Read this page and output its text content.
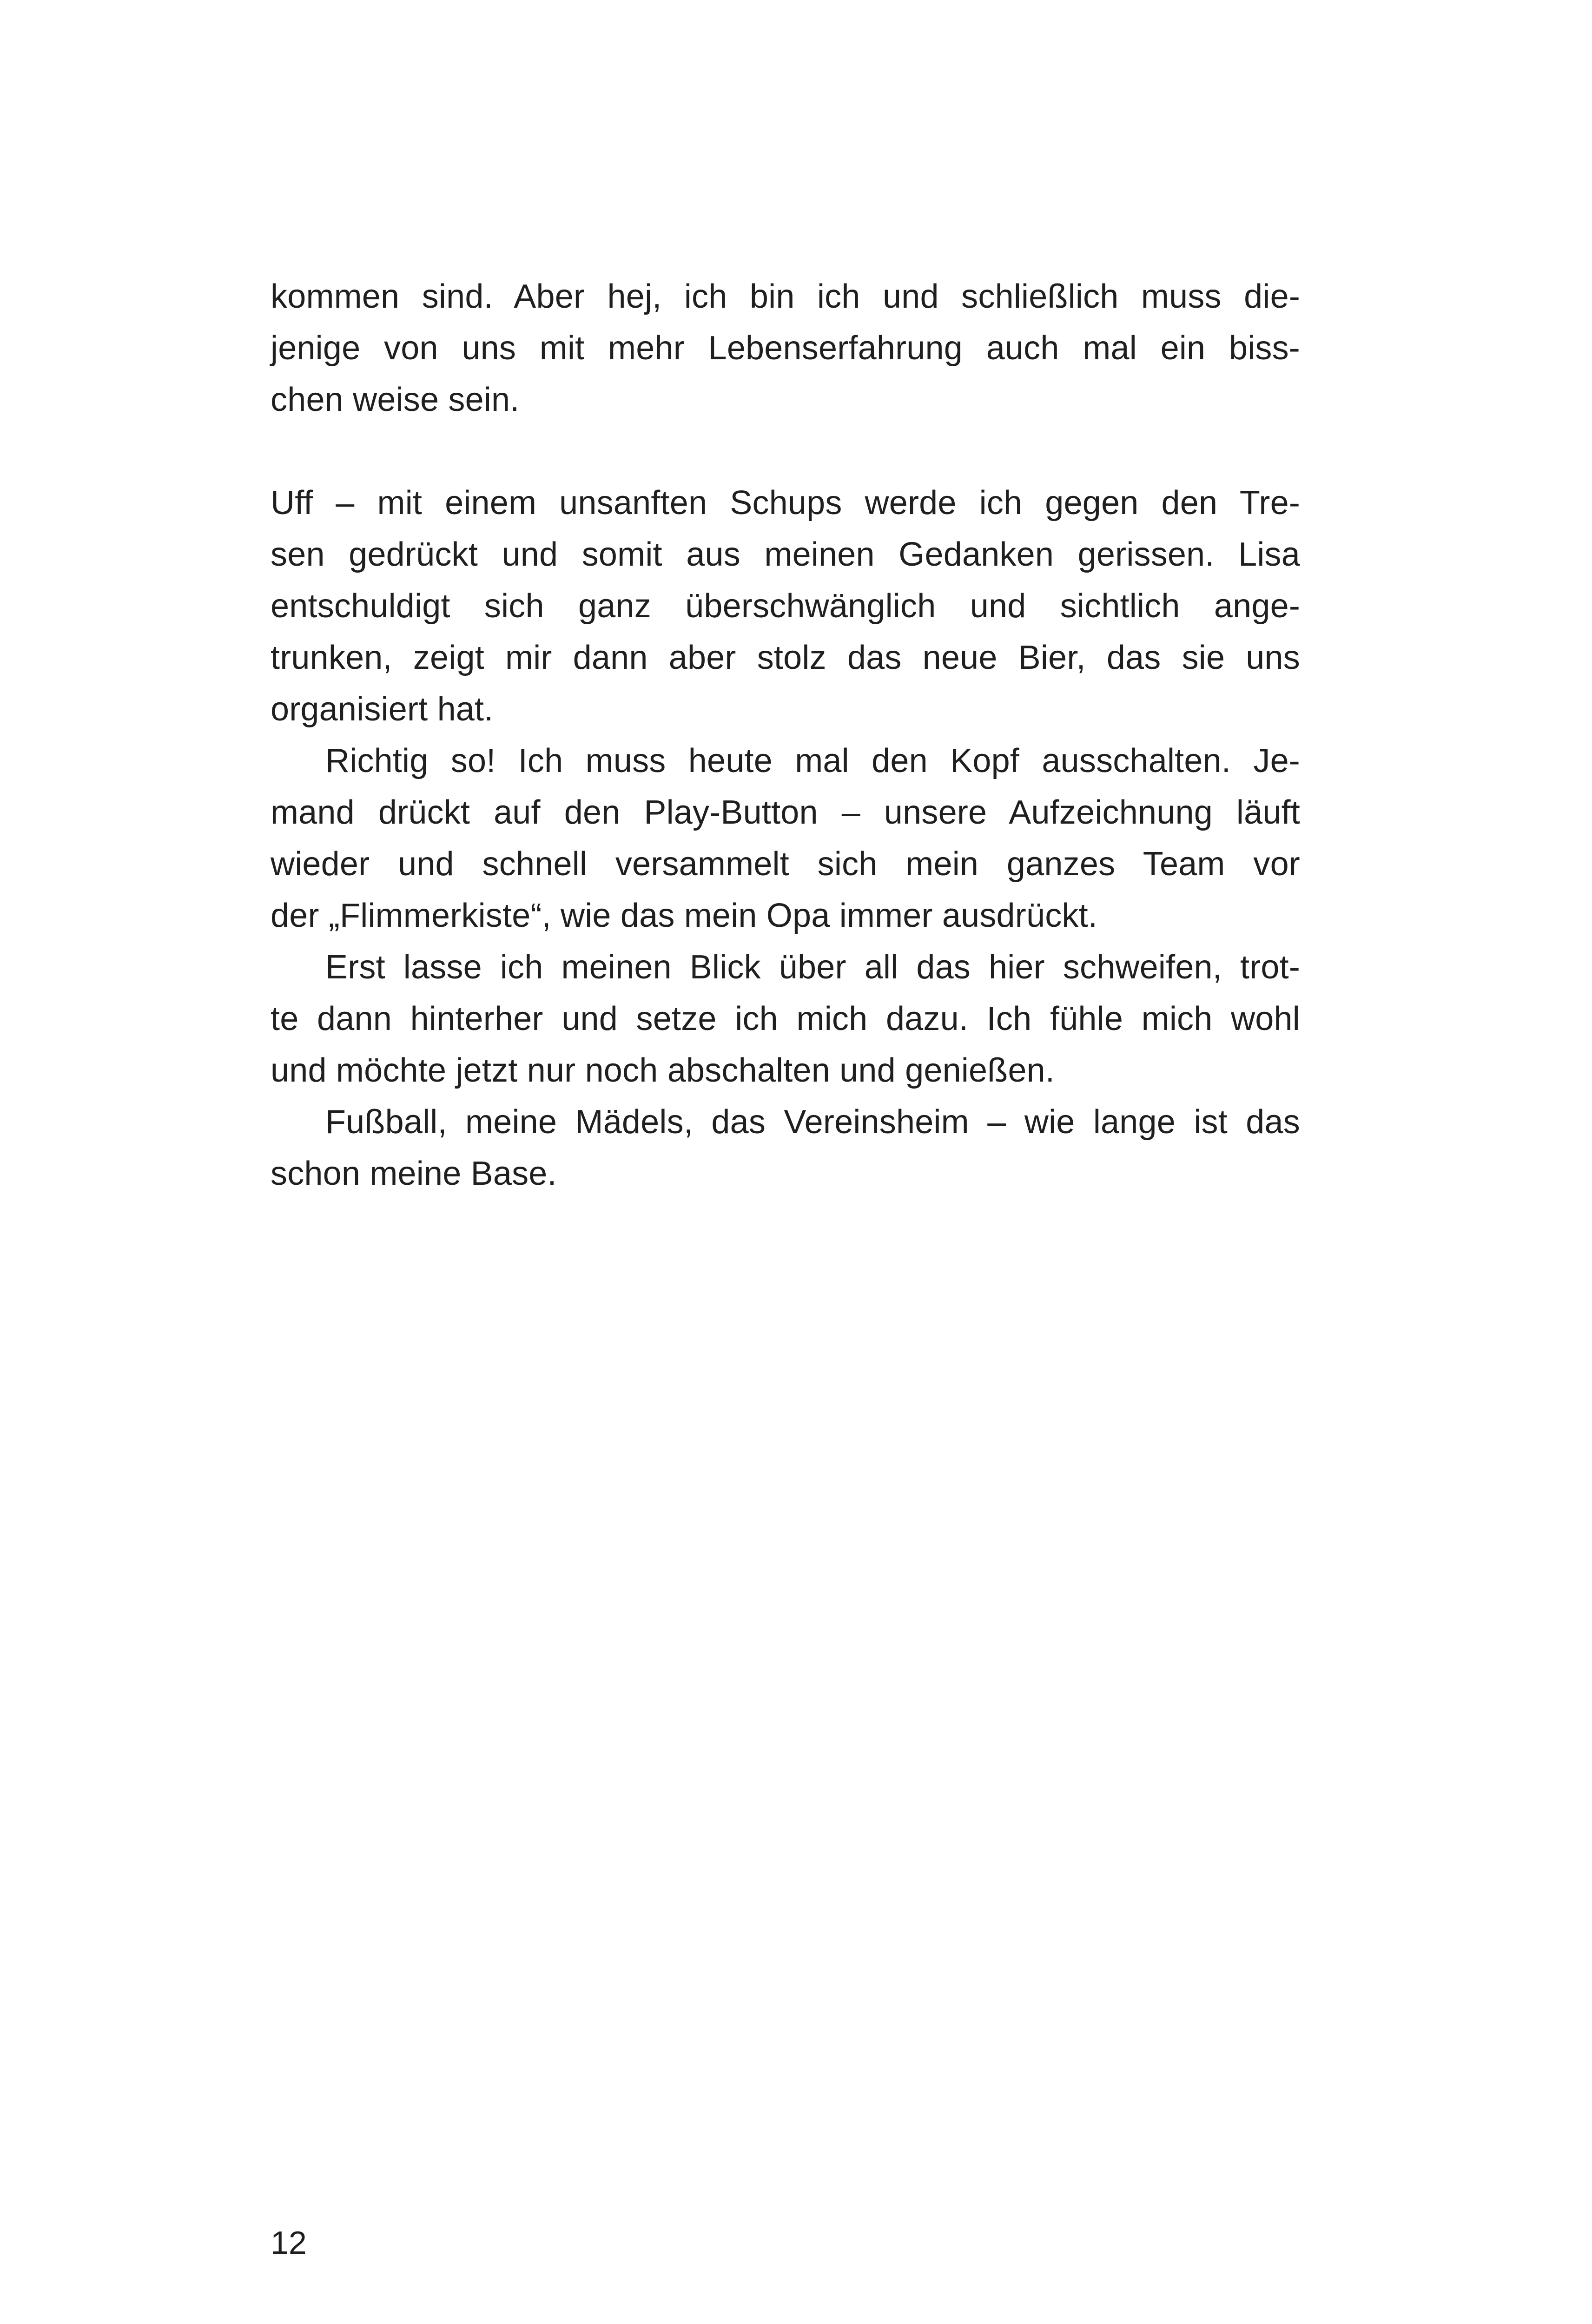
kommen sind. Aber hej, ich bin ich und schließlich muss die-
jenige von uns mit mehr Lebenserfahrung auch mal ein biss-
chen weise sein.
Uff – mit einem unsanften Schups werde ich gegen den Tre-
sen gedrückt und somit aus meinen Gedanken gerissen. Lisa
entschuldigt sich ganz überschwänglich und sichtlich ange-
trunken, zeigt mir dann aber stolz das neue Bier, das sie uns
organisiert hat.
Richtig so! Ich muss heute mal den Kopf ausschalten. Je-
mand drückt auf den Play-Button – unsere Aufzeichnung läuft
wieder und schnell versammelt sich mein ganzes Team vor
der „Flimmerkiste“, wie das mein Opa immer ausdrückt.
Erst lasse ich meinen Blick über all das hier schweifen, trot-
te dann hinterher und setze ich mich dazu. Ich fühle mich wohl
und möchte jetzt nur noch abschalten und genießen.
Fußball, meine Mädels, das Vereinsheim – wie lange ist das
schon meine Base.
12
